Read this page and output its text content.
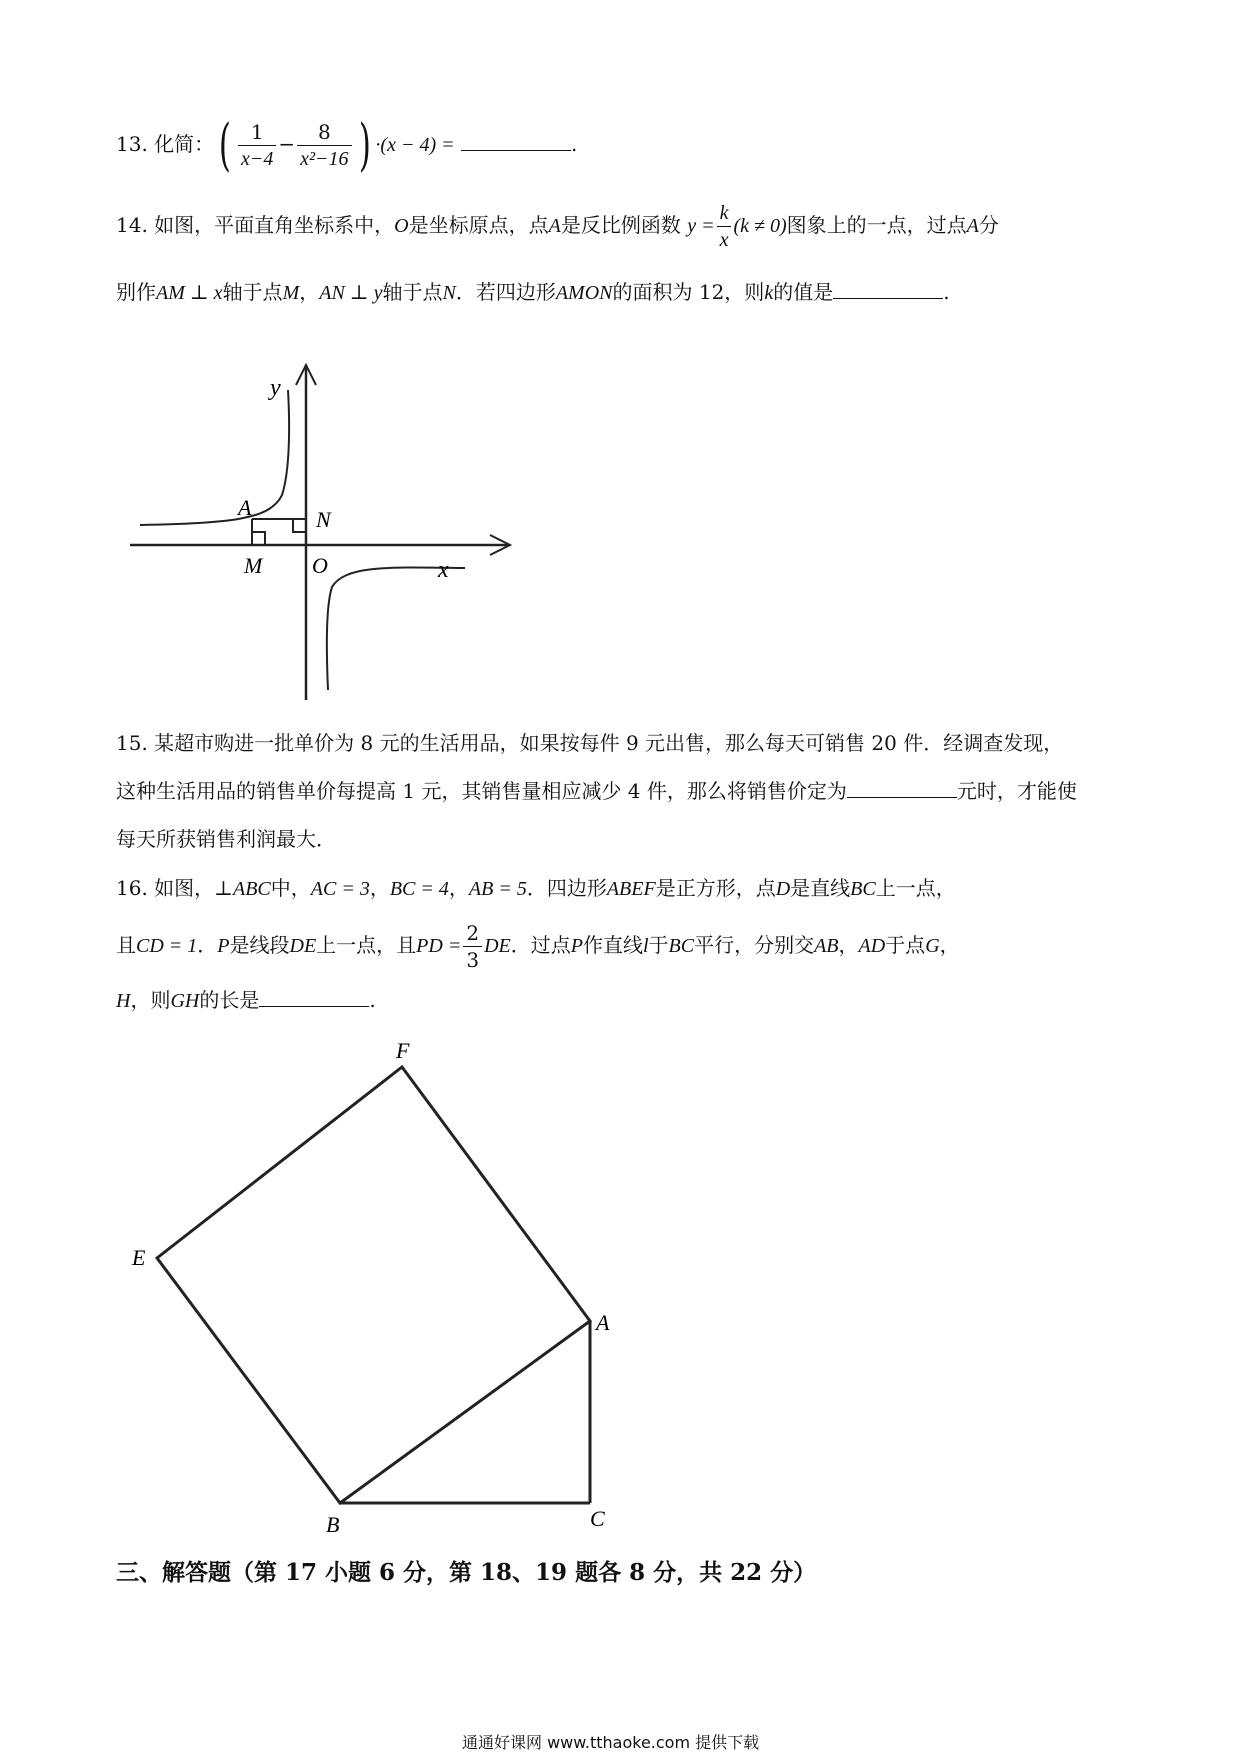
13. 化简：( $\frac{1}{x-4} - \frac{8}{\text{x²−16}}$ ) ·(x − 4) =	.
14. 如图，平面直角坐标系中，O是坐标原点，点A是反比例函数 $y = \frac{k}{x} (k \ne 0)$图象上的一点，过点A分
别作AM ⊥ x轴于点M，AN ⊥ y轴于点N．若四边形AMON的面积为 12，则k的值是	.
y
x
A	N
M O
15. 某超市购进一批单价为 8 元的生活用品，如果按每件 9 元出售，那么每天可销售 20 件．经调查发现，
这种生活用品的销售单价每提高 1 元，其销售量相应减少 4 件，那么将销售价定为	元时，才能使
每天所获销售利润最大．
16. 如图，⊥ABC中，AC = 3，BC = 4，AB = 5．四边形ABEF是正方形，点D是直线BC上一点，
且CD = 1．P是线段DE上一点，且PD = $\frac{2}{3}$ DE．过点P作直线l于BC平行，分别交AB，AD于点G，
H，则GH的长是	.
F
E
A
B	C
三、解答题（第 17 小题 6 分，第 18、19 题各 8 分，共 22 分）
通通好课网 www.tthaoke.com 提供下载
